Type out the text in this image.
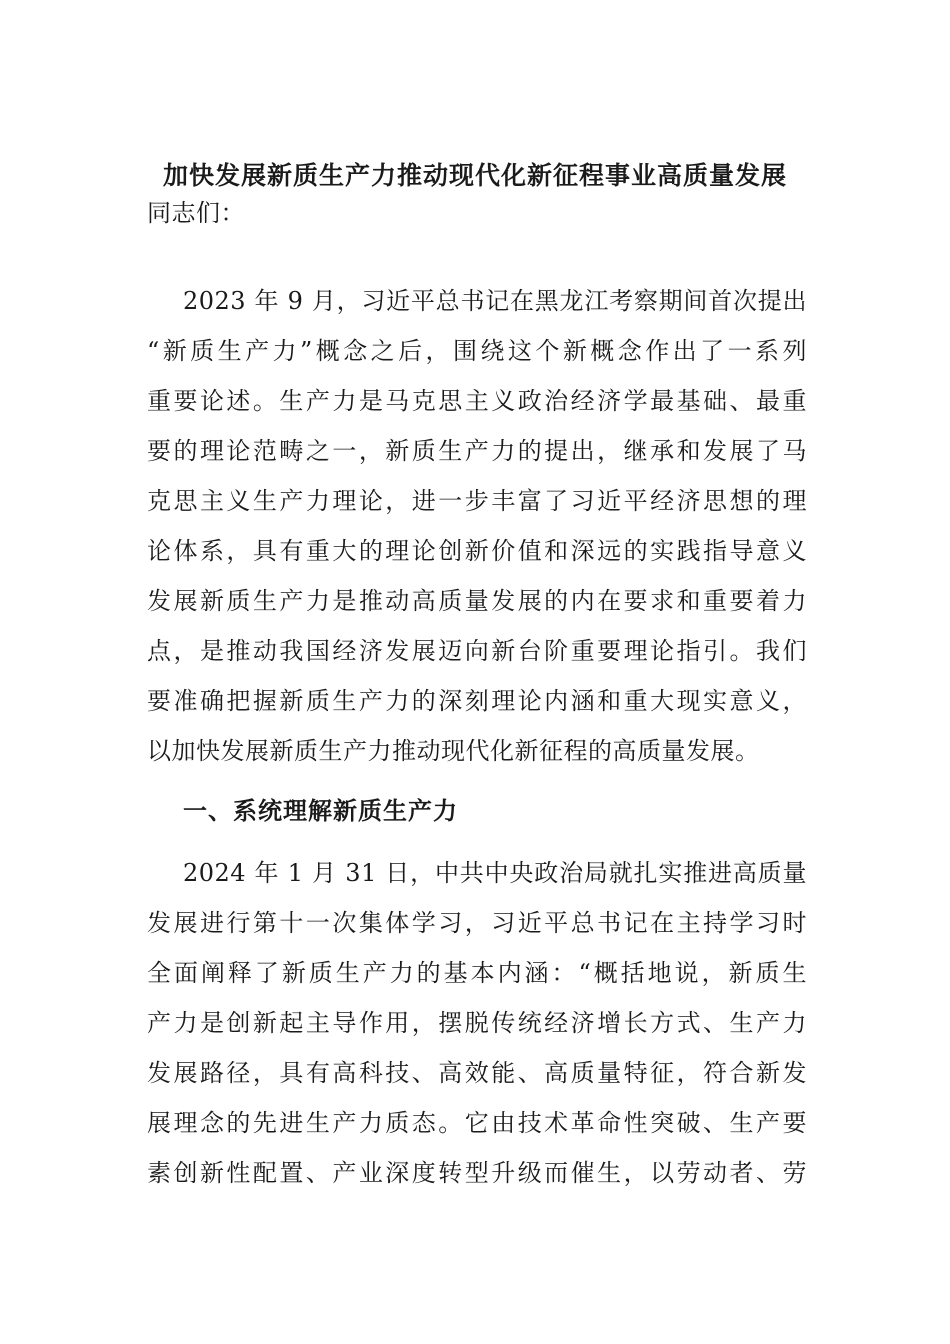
加快发展新质生产力推动现代化新征程事业高质量发展
同志们：
2023 年 9 月，习近平总书记在黑龙江考察期间首次提出
“新质生产力”概念之后，围绕这个新概念作出了一系列
重要论述。生产力是马克思主义政治经济学最基础、最重
要的理论范畴之一，新质生产力的提出，继承和发展了马
克思主义生产力理论，进一步丰富了习近平经济思想的理
论体系，具有重大的理论创新价值和深远的实践指导意义
发展新质生产力是推动高质量发展的内在要求和重要着力
点，是推动我国经济发展迈向新台阶重要理论指引。我们
要准确把握新质生产力的深刻理论内涵和重大现实意义，
以加快发展新质生产力推动现代化新征程的高质量发展。
一、系统理解新质生产力
2024 年 1 月 31 日，中共中央政治局就扎实推进高质量
发展进行第十一次集体学习，习近平总书记在主持学习时
全面阐释了新质生产力的基本内涵：“概括地说，新质生
产力是创新起主导作用，摆脱传统经济增长方式、生产力
发展路径，具有高科技、高效能、高质量特征，符合新发
展理念的先进生产力质态。它由技术革命性突破、生产要
素创新性配置、产业深度转型升级而催生，以劳动者、劳
